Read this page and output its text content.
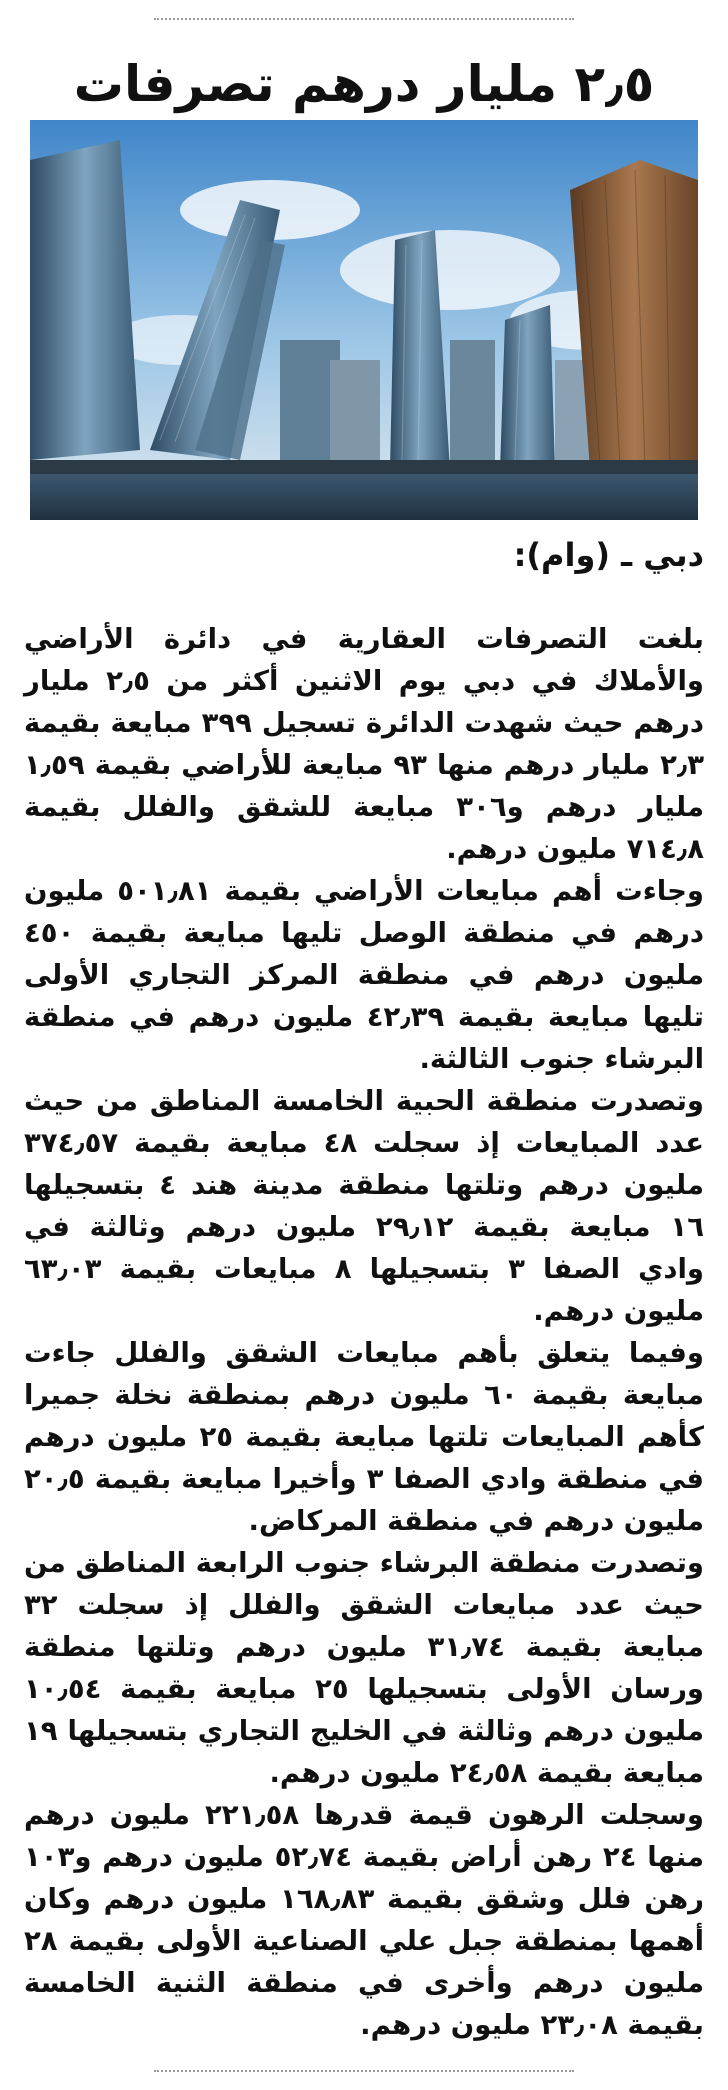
٢٫٥ مليار درهم تصرفات
دبي ـ (وام):

بلغت التصرفات العقارية في دائرة الأراضي والأملاك في دبي يوم الاثنين أكثر من ٢٫٥ مليار درهم حيث شهدت الدائرة تسجيل ٣٩٩ مبايعة بقيمة ٢٫٣ مليار درهم منها ٩٣ مبايعة للأراضي بقيمة ١٫٥٩ مليار درهم و٣٠٦ مبايعة للشقق والفلل بقيمة ٧١٤٫٨ مليون درهم.

وجاءت أهم مبايعات الأراضي بقيمة ٥٠١٫٨١ مليون درهم في منطقة الوصل تليها مبايعة بقيمة ٤٥٠ مليون درهم في منطقة المركز التجاري الأولى تليها مبايعة بقيمة ٤٢٫٣٩ مليون درهم في منطقة البرشاء جنوب الثالثة.

وتصدرت منطقة الحبية الخامسة المناطق من حيث عدد المبايعات إذ سجلت ٤٨ مبايعة بقيمة ٣٧٤٫٥٧ مليون درهم وتلتها منطقة مدينة هند ٤ بتسجيلها ١٦ مبايعة بقيمة ٢٩٫١٢ مليون درهم وثالثة في وادي الصفا ٣ بتسجيلها ٨ مبايعات بقيمة ٦٣٫٠٣ مليون درهم.

وفيما يتعلق بأهم مبايعات الشقق والفلل جاءت مبايعة بقيمة ٦٠ مليون درهم بمنطقة نخلة جميرا كأهم المبايعات تلتها مبايعة بقيمة ٢٥ مليون درهم في منطقة وادي الصفا ٣ وأخيرا مبايعة بقيمة ٢٠٫٥ مليون درهم في منطقة المركاض.

وتصدرت منطقة البرشاء جنوب الرابعة المناطق من حيث عدد مبايعات الشقق والفلل إذ سجلت ٣٢ مبايعة بقيمة ٣١٫٧٤ مليون درهم وتلتها منطقة ورسان الأولى بتسجيلها ٢٥ مبايعة بقيمة ١٠٫٥٤ مليون درهم وثالثة في الخليج التجاري بتسجيلها ١٩ مبايعة بقيمة ٢٤٫٥٨ مليون درهم.

وسجلت الرهون قيمة قدرها ٢٢١٫٥٨ مليون درهم منها ٢٤ رهن أراض بقيمة ٥٢٫٧٤ مليون درهم و١٠٣ رهن فلل وشقق بقيمة ١٦٨٫٨٣ مليون درهم وكان أهمها بمنطقة جبل علي الصناعية الأولى بقيمة ٢٨ مليون درهم وأخرى في منطقة الثنية الخامسة بقيمة ٢٣٫٠٨ مليون درهم.
